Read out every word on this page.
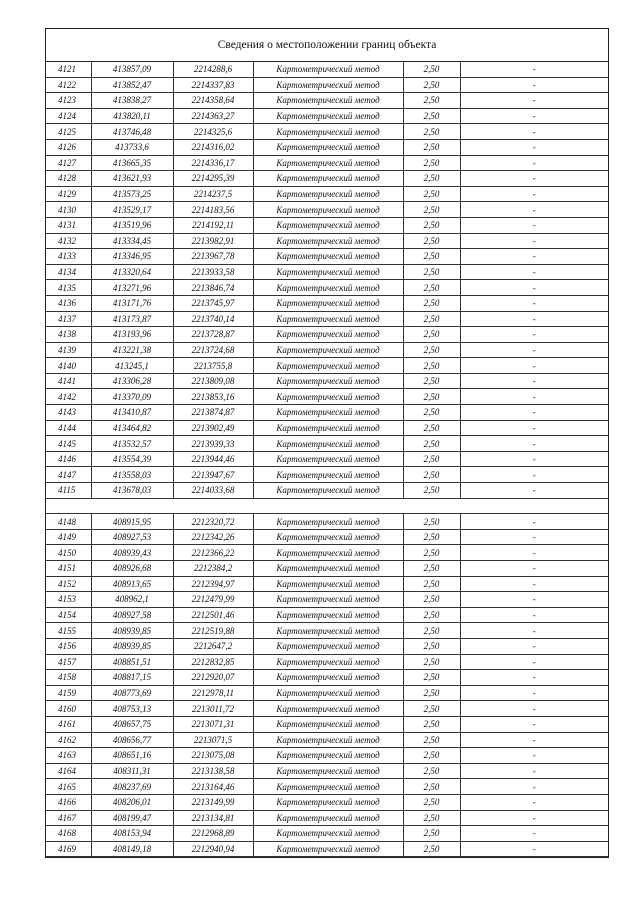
Сведения о местоположении границ объекта
4121	413857,09	2214288,6	Картометрический метод	2,50	-
4122	413852,47	2214337,83	Картометрический метод	2,50	-
4123	413838,27	2214358,64	Картометрический метод	2,50	-
4124	413820,11	2214363,27	Картометрический метод	2,50	-
4125	413746,48	2214325,6	Картометрический метод	2,50	-
4126	413733,6	2214316,02	Картометрический метод	2,50	-
4127	413665,35	2214336,17	Картометрический метод	2,50	-
4128	413621,93	2214295,39	Картометрический метод	2,50	-
4129	413573,25	2214237,5	Картометрический метод	2,50	-
4130	413529,17	2214183,56	Картометрический метод	2,50	-
4131	413519,96	2214192,11	Картометрический метод	2,50	-
4132	413334,45	2213982,91	Картометрический метод	2,50	-
4133	413346,95	2213967,78	Картометрический метод	2,50	-
4134	413320,64	2213933,58	Картометрический метод	2,50	-
4135	413271,96	2213846,74	Картометрический метод	2,50	-
4136	413171,76	2213745,97	Картометрический метод	2,50	-
4137	413173,87	2213740,14	Картометрический метод	2,50	-
4138	413193,96	2213728,87	Картометрический метод	2,50	-
4139	413221,38	2213724,68	Картометрический метод	2,50	-
4140	413245,1	2213755,8	Картометрический метод	2,50	-
4141	413306,28	2213809,08	Картометрический метод	2,50	-
4142	413370,09	2213853,16	Картометрический метод	2,50	-
4143	413410,87	2213874,87	Картометрический метод	2,50	-
4144	413464,82	2213902,49	Картометрический метод	2,50	-
4145	413532,57	2213939,33	Картометрический метод	2,50	-
4146	413554,39	2213944,46	Картометрический метод	2,50	-
4147	413558,03	2213947,67	Картометрический метод	2,50	-
4115	413678,03	2214033,68	Картометрический метод	2,50	-

4148	408915,95	2212320,72	Картометрический метод	2,50	-
4149	408927,53	2212342,26	Картометрический метод	2,50	-
4150	408939,43	2212366,22	Картометрический метод	2,50	-
4151	408926,68	2212384,2	Картометрический метод	2,50	-
4152	408913,65	2212394,97	Картометрический метод	2,50	-
4153	408962,1	2212479,99	Картометрический метод	2,50	-
4154	408927,58	2212501,46	Картометрический метод	2,50	-
4155	408939,85	2212519,88	Картометрический метод	2,50	-
4156	408939,85	2212647,2	Картометрический метод	2,50	-
4157	408851,51	2212832,85	Картометрический метод	2,50	-
4158	408817,15	2212920,07	Картометрический метод	2,50	-
4159	408773,69	2212978,11	Картометрический метод	2,50	-
4160	408753,13	2213011,72	Картометрический метод	2,50	-
4161	408657,75	2213071,31	Картометрический метод	2,50	-
4162	408656,77	2213071,5	Картометрический метод	2,50	-
4163	408651,16	2213075,08	Картометрический метод	2,50	-
4164	408311,31	2213138,58	Картометрический метод	2,50	-
4165	408237,69	2213164,46	Картометрический метод	2,50	-
4166	408206,01	2213149,99	Картометрический метод	2,50	-
4167	408199,47	2213134,81	Картометрический метод	2,50	-
4168	408153,94	2212968,89	Картометрический метод	2,50	-
4169	408149,18	2212940,94	Картометрический метод	2,50	-
